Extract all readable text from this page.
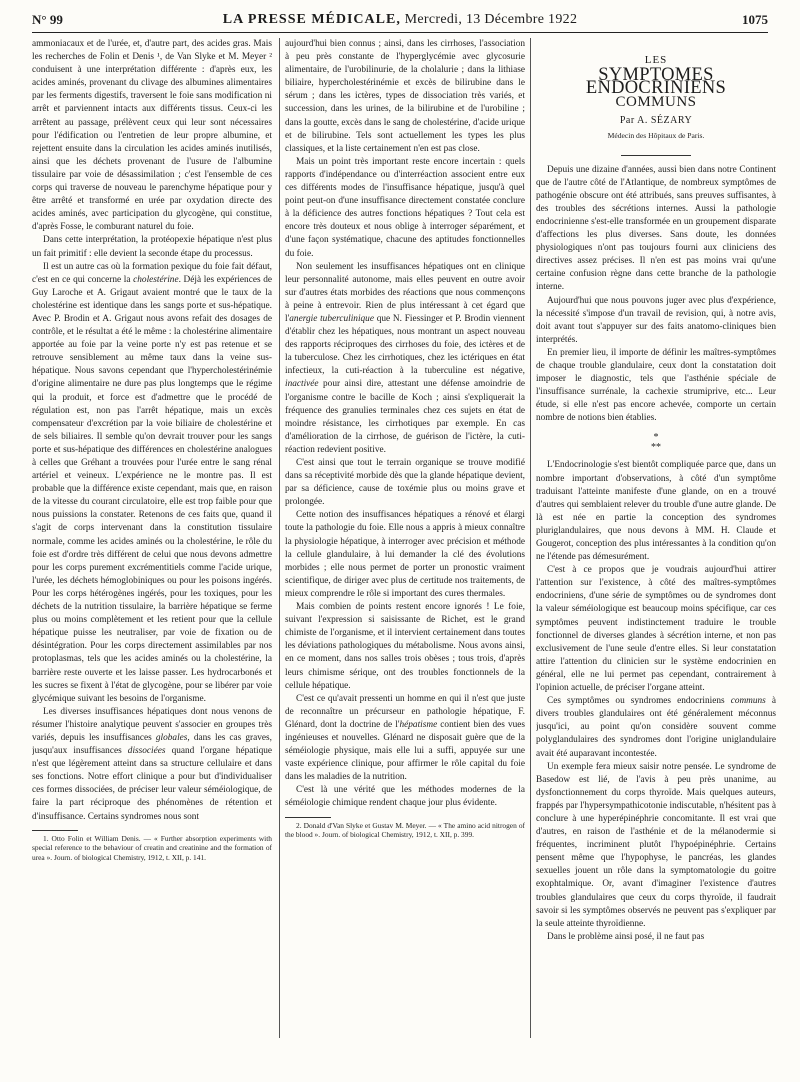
N° 99	LA PRESSE MÉDICALE, Mercredi, 13 Décembre 1922	1075

ammoniacaux et de l'urée, et, d'autre part, des acides gras. Mais les recherches de Folin et Denis ¹, de Van Slyke et M. Meyer ² conduisent à une interprétation différente : d'après eux, les acides aminés, provenant du clivage des albumines alimentaires par les ferments digestifs, traversent le foie sans modification ni arrêt et parviennent intacts aux différents tissus. Ceux-ci les arrêtent au passage, prélèvent ceux qui leur sont nécessaires pour l'édification ou l'entretien de leur propre albumine, et rejettent ensuite dans la circulation les acides aminés inutilisés, ainsi que les déchets provenant de l'usure de l'albumine tissulaire par voie de désassimilation ; c'est l'ensemble de ces corps qui traverse de nouveau le parenchyme hépatique pour y être arrêté et transformé en urée par oxydation directe des acides aminés, avec participation du glycogène, qui constitue, d'après Fosse, le comburant naturel du foie.

Dans cette interprétation, la protéopexie hépatique n'est plus un fait primitif : elle devient la seconde étape du processus.

Il est un autre cas où la formation pexique du foie fait défaut, c'est en ce qui concerne la cholestérine. Déjà les expériences de Guy Laroche et A. Grigaut avaient montré que le taux de la cholestérine est identique dans les sangs porte et sus-hépatique. Avec P. Brodin et A. Grigaut nous avons refait des dosages de contrôle, et le résultat a été le même : la cholestérine alimentaire apportée au foie par la veine porte n'y est pas retenue et se retrouve sensiblement au même taux dans la veine sus-hépatique. Nous savons cependant que l'hypercholestérinémie d'origine alimentaire ne dure pas plus longtemps que le régime qui la produit, et force est d'admettre que le procédé de régulation est, non pas l'arrêt hépatique, mais un excès compensateur d'excrétion par la voie biliaire de cholestérine et de sels biliaires. Il semble qu'on devrait trouver pour les sangs porte et sus-hépatique des différences en cholestérine analogues à celles que Gréhant a trouvées pour l'urée entre le sang rénal artériel et veineux. L'expérience ne le montre pas. Il est probable que la différence existe cependant, mais que, en raison de la vitesse du courant circulatoire, elle est trop faible pour que nous puissions la constater. Retenons de ces faits que, quand il s'agit de corps intervenant dans la constitution tissulaire normale, comme les acides aminés ou la cholestérine, le rôle du foie est d'ordre très différent de celui que nous devons admettre pour les corps purement excrémentitiels comme l'acide urique, l'urée, les déchets hémoglobiniques ou pour les poisons ingérés. Pour les corps hétérogènes ingérés, pour les toxiques, pour les déchets de la nutrition tissulaire, la barrière hépatique se ferme plus ou moins complètement et les retient pour que la cellule hépatique puisse les neutraliser, par voie de fixation ou de désintégration. Pour les corps directement assimilables par nos protoplasmas, tels que les acides aminés ou la cholestérine, la barrière reste ouverte et les laisse passer. Les hydrocarbonés et les sucres se fixent à l'état de glycogène, pour se libérer par voie glycémique suivant les besoins de l'organisme.

Les diverses insuffisances hépatiques dont nous venons de résumer l'histoire analytique peuvent s'associer en groupes très variés, depuis les insuffisances globales, dans les cas graves, jusqu'aux insuffisances dissociées quand l'organe hépatique n'est que légèrement atteint dans sa structure cellulaire et dans ses fonctions. Notre effort clinique a pour but d'individualiser ces formes dissociées, de préciser leur valeur séméiologique, de faire la part réciproque des phénomènes de rétention et d'insuffisance. Certains syndromes nous sont

1. Otto Folin et William Denis. — « Further absorption experiments with special reference to the behaviour of creatin and creatinine and the formation of urea ». Journ. of biological Chemistry, 1912, t. XII, p. 141.

aujourd'hui bien connus ; ainsi, dans les cirrhoses, l'association à peu près constante de l'hyperglycémie avec glycosurie alimentaire, de l'urobilinurie, de la cholalurie ; dans la lithiase biliaire, hypercholestérinémie et excès de bilirubine dans le sérum ; dans les ictères, types de dissociation très variés, et succession, dans les urines, de la bilirubine et de l'urobiline ; dans la goutte, excès dans le sang de cholestérine, d'acide urique et de bilirubine. Tels sont actuellement les types les plus classiques, et la liste certainement n'en est pas close.

Mais un point très important reste encore incertain : quels rapports d'indépendance ou d'interréaction associent entre eux ces différents modes de l'insuffisance hépatique, jusqu'à quel point peut-on d'une insuffisance directement constatée conclure à la déficience des autres fonctions hépatiques ? Tout cela est encore très douteux et nous oblige à interroger séparément, et d'une façon systématique, chacune des aptitudes fonctionnelles du foie.

Non seulement les insuffisances hépatiques ont en clinique leur personnalité autonome, mais elles peuvent en outre avoir sur d'autres états morbides des réactions que nous commençons à peine à entrevoir. Rien de plus intéressant à cet égard que l'anergie tuberculinique que N. Fiessinger et P. Brodin viennent d'établir chez les hépatiques, nous montrant un aspect nouveau des rapports réciproques des cirrhoses du foie, des ictères et de la tuberculose. Chez les cirrhotiques, chez les ictériques en état infectieux, la cuti-réaction à la tuberculine est négative, inactivée pour ainsi dire, attestant une défense amoindrie de l'organisme contre le bacille de Koch ; ainsi s'expliquerait la fréquence des granulies terminales chez ces sujets en état de moindre résistance, les cirrhotiques par exemple. En cas d'amélioration de la cirrhose, de guérison de l'ictère, la cuti-réaction redevient positive.

C'est ainsi que tout le terrain organique se trouve modifié dans sa réceptivité morbide dès que la glande hépatique devient, par sa déficience, cause de toxémie plus ou moins grave et prolongée.

Cette notion des insuffisances hépatiques a rénové et élargi toute la pathologie du foie. Elle nous a appris à mieux connaître la physiologie hépatique, à interroger avec précision et méthode la cellule glandulaire, à lui demander la clé des évolutions morbides ; elle nous permet de porter un pronostic vraiment scientifique, de diriger avec plus de certitude nos traitements, de mieux comprendre le rôle si important des cures thermales.

Mais combien de points restent encore ignorés ! Le foie, suivant l'expression si saisissante de Richet, est le grand chimiste de l'organisme, et il intervient certainement dans toutes les déviations pathologiques du métabolisme. Nous avons ainsi, en ce moment, dans nos salles trois obèses ; tous trois, d'après leurs chimisme sérique, ont des troubles fonctionnels de la cellule hépatique.

C'est ce qu'avait pressenti un homme en qui il n'est que juste de reconnaître un précurseur en pathologie hépatique, F. Glénard, dont la doctrine de l'hépatisme contient bien des vues ingénieuses et nouvelles. Glénard ne disposait guère que de la séméiologie physique, mais elle lui a suffi, appuyée sur une vaste expérience clinique, pour affirmer le rôle capital du foie dans les maladies de la nutrition.

C'est là une vérité que les méthodes modernes de la séméiologie chimique rendent chaque jour plus évidente.

2. Donald d'Van Slyke et Gustav M. Meyer. — « The amino acid nitrogen of the blood ». Journ. of biological Chemistry, 1912, t. XII, p. 399.

LES
SYMPTOMES ENDOCRINIENS
COMMUNS
Par A. SÉZARY
Médecin des Hôpitaux de Paris.

Depuis une dizaine d'années, aussi bien dans notre Continent que de l'autre côté de l'Atlantique, de nombreux symptômes de pathogénie obscure ont été attribués, sans preuves suffisantes, à des troubles des sécrétions internes. Aussi la pathologie endocrinienne s'est-elle transformée en un groupement disparate d'affections les plus diverses. Sans doute, les données physiologiques n'ont pas toujours fourni aux cliniciens des directives assez précises. Il n'en est pas moins vrai qu'une certaine confusion règne dans cette branche de la pathologie interne.

Aujourd'hui que nous pouvons juger avec plus d'expérience, la nécessité s'impose d'un travail de revision, qui, à notre avis, doit avant tout s'appuyer sur des faits anatomo-cliniques bien interprétés.

En premier lieu, il importe de définir les maîtres-symptômes de chaque trouble glandulaire, ceux dont la constatation doit imposer le diagnostic, tels que l'asthénie spéciale de l'insuffisance surrénale, la cachexie strumiprive, etc... Leur étude, si elle n'est pas encore achevée, comporte un certain nombre de notions bien établies.

*
**

L'Endocrinologie s'est bientôt compliquée parce que, dans un nombre important d'observations, à côté d'un symptôme traduisant l'atteinte manifeste d'une glande, on en a trouvé d'autres qui semblaient relever du trouble d'une autre glande. De là est née en partie la conception des syndromes pluriglandulaires, que nous devons à MM. H. Claude et Gougerot, conception des plus intéressantes à la condition qu'on ne l'étende pas démesurément.

C'est à ce propos que je voudrais aujourd'hui attirer l'attention sur l'existence, à côté des maîtres-symptômes endocriniens, d'une série de symptômes ou de syndromes dont la valeur séméiologique est beaucoup moins spécifique, car ces symptômes peuvent indistinctement traduire le trouble fonctionnel de diverses glandes à sécrétion interne, et non pas exclusivement de l'une seule d'entre elles. Si leur constatation attire l'attention du clinicien sur le système endocrinien en général, elle ne lui permet pas cependant, contrairement à l'opinion actuelle, de préciser l'organe atteint.

Ces symptômes ou syndromes endocriniens communs à divers troubles glandulaires ont été généralement méconnus jusqu'ici, au point qu'on considère souvent comme polyglandulaires des syndromes dont l'origine uniglandulaire avait été auparavant incontestée.

Un exemple fera mieux saisir notre pensée. Le syndrome de Basedow est lié, de l'avis à peu près unanime, au dysfonctionnement du corps thyroïde. Mais quelques auteurs, frappés par l'hypersympathicotonie indiscutable, n'hésitent pas à conclure à une hyperépinéphrie concomitante. Il est vrai que d'autres, en raison de l'asthénie et de la mélanodermie si fréquentes, incriminent plutôt l'hypoépinéphrie. Certains pensent même que l'hypophyse, le pancréas, les glandes sexuelles jouent un rôle dans la symptomatologie du goitre exophtalmique. Or, avant d'imaginer l'existence d'autres troubles glandulaires que ceux du corps thyroïde, il faudrait savoir si les symptômes observés ne peuvent pas s'expliquer par la seule atteinte thyroïdienne.

Dans le problème ainsi posé, il ne faut pas
